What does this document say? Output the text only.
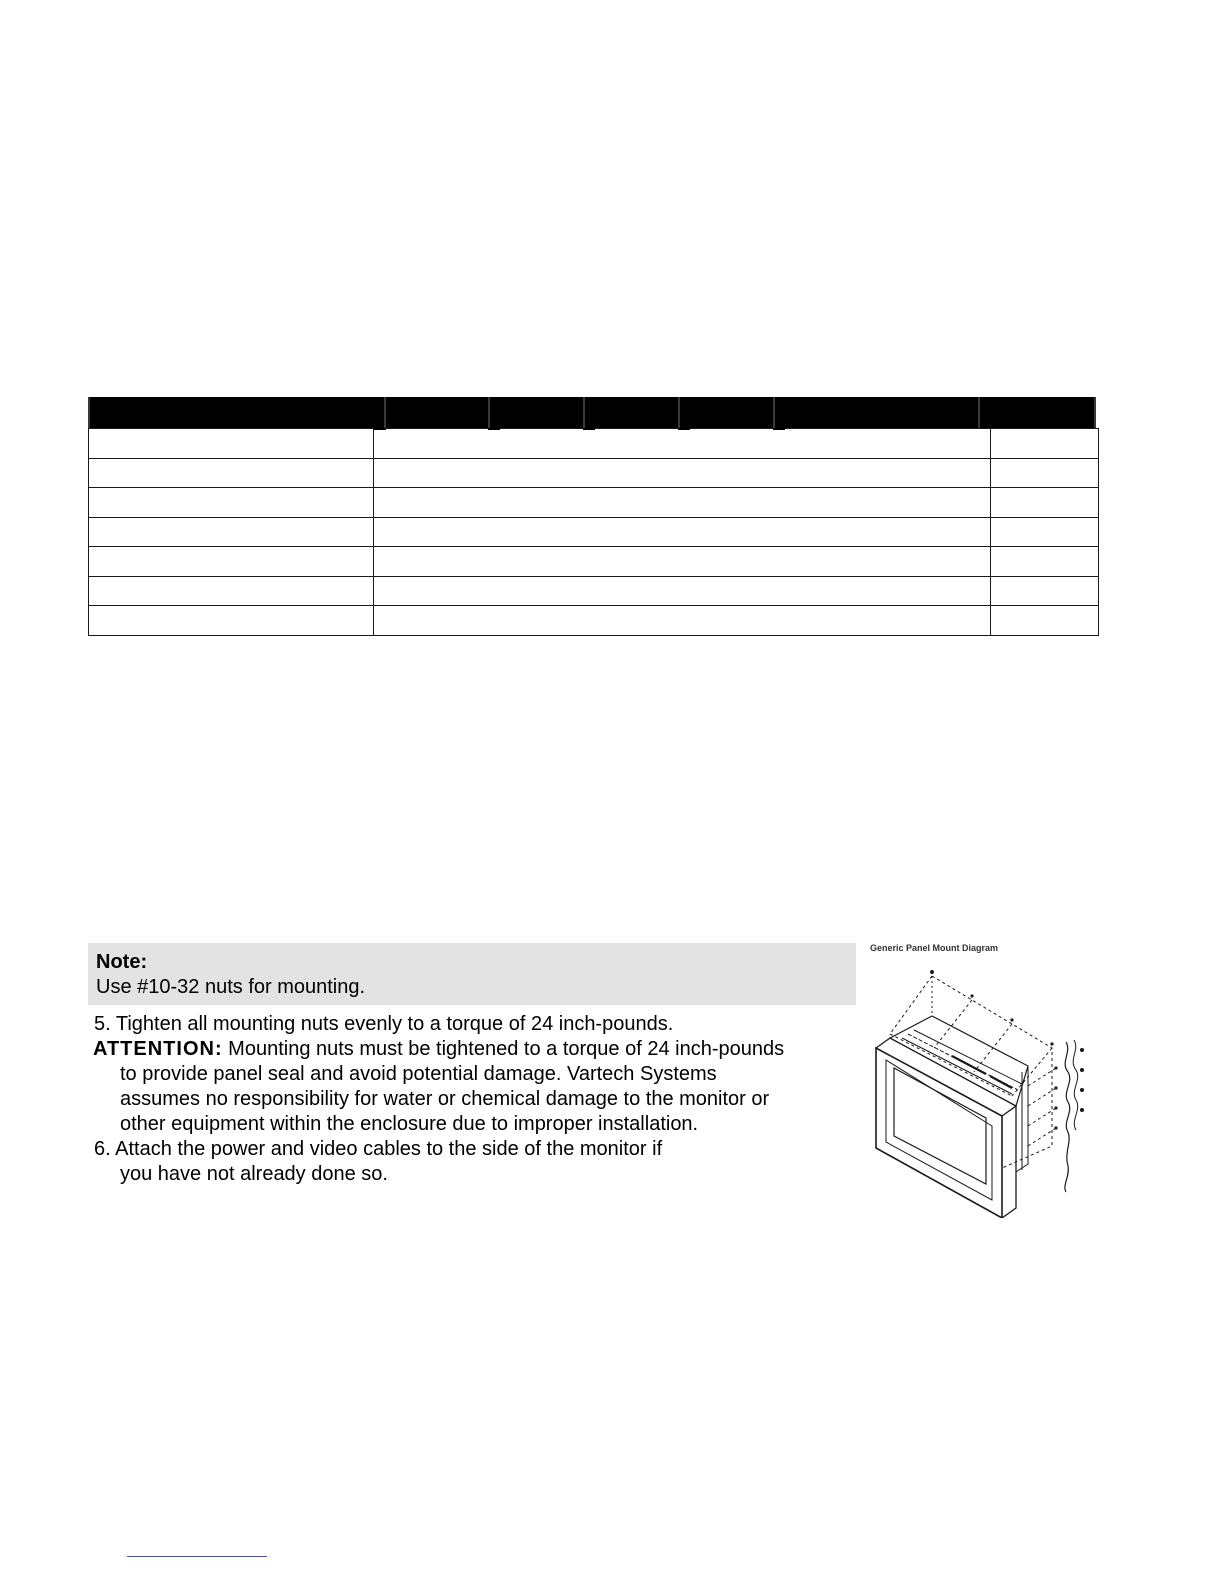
Note:
Use #10-32 nuts for mounting.

5. Tighten all mounting nuts evenly to a torque of 24 inch-pounds.

ATTENTION: Mounting nuts must be tightened to a torque of 24 inch-pounds

to provide panel seal and avoid potential damage. Vartech Systems

assumes no responsibility for water or chemical damage to the monitor or

other equipment within the enclosure due to improper installation.

6. Attach the power and video cables to the side of the monitor if

you have not already done so.

Generic Panel Mount Diagram
